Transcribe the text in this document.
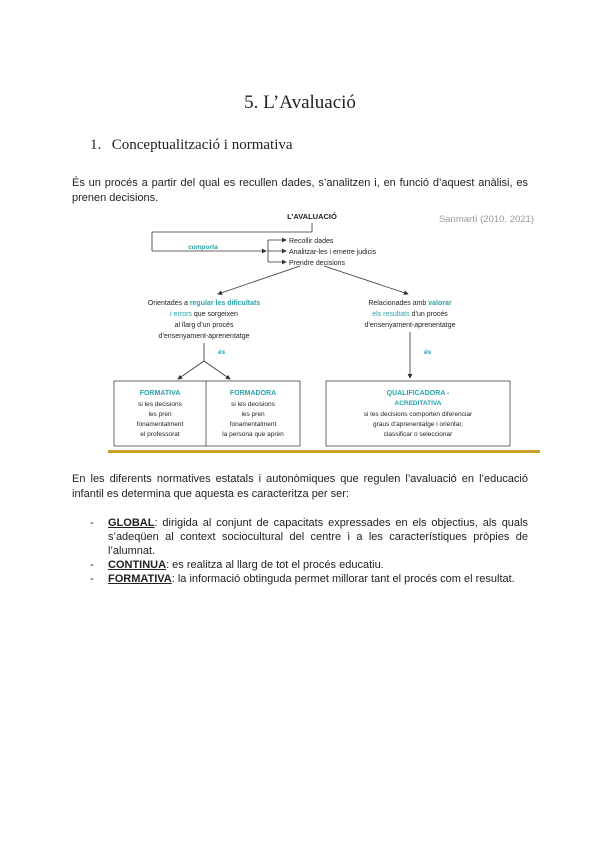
5. L’Avaluació
1. Conceptualització i normativa
És un procés a partir del qual es recullen dades, s’analitzen i, en funció d’aquest anàlisi, es prenen decisions.
L’AVALUACIÓ	Sanmartí (2010, 2021)
comporta
Recollir dades
Analitzar-les i emetre judicis
Prendre decisions
Orientades a regular les dificultats
i errors que sorgeixen
al llarg d’un procés
d’ensenyament-aprenentatge
Relacionades amb valorar
els resultats d’un procés
d’ensenyament-aprenentatge
és	és
FORMATIVA
si les decisions
les pren
fonamentalment
el professorat
FORMADORA
si les decisions
les pren
fonamentalment
la persona que aprèn
QUALIFICADORA -
ACREDITATIVA
si les decisions comporten diferenciar
graus d’aprenentatge i orientar,
classificar o seleccionar
En les diferents normatives estatals i autonòmiques que regulen l’avaluació en l’educació infantil es determina que aquesta es caracteritza per ser:
- GLOBAL: dirigida al conjunt de capacitats expressades en els objectius, als quals s’adeqüen al context sociocultural del centre i a les característiques pròpies de l’alumnat.
- CONTINUA: es realitza al llarg de tot el procés educatiu.
- FORMATIVA: la informació obtinguda permet millorar tant el procés com el resultat.
